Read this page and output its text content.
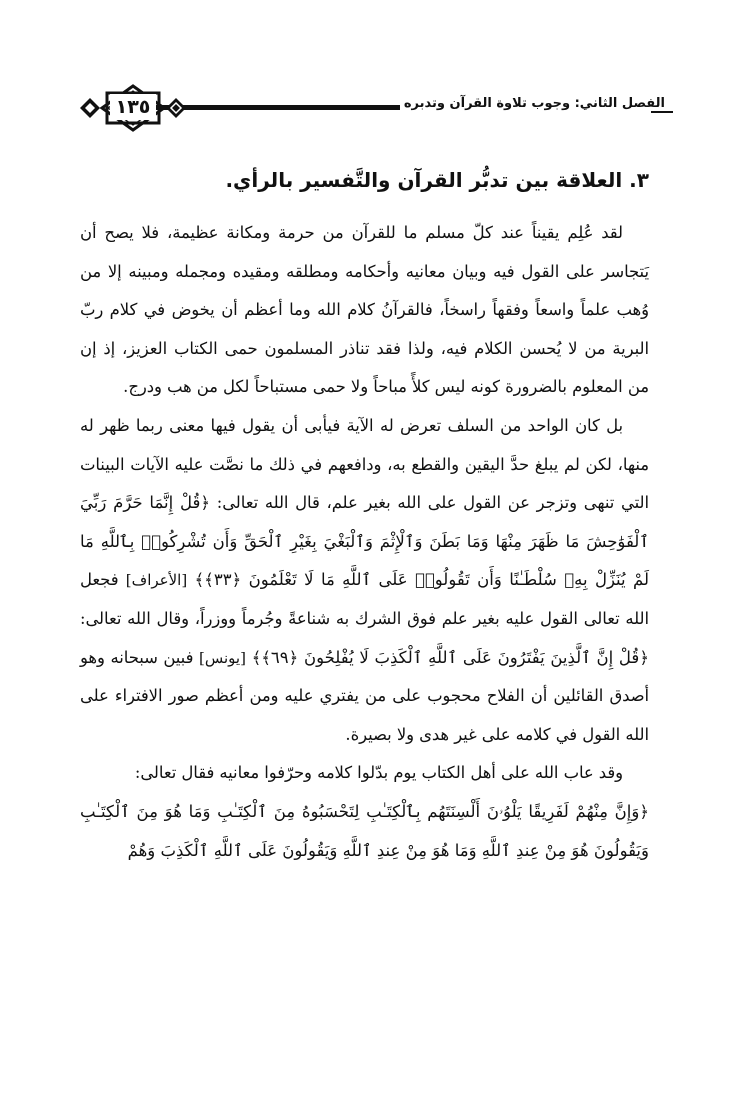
الفصل الثاني: وجوب تلاوة القرآن وتدبره
١٣٥
٣. العلاقة بين تدبُّر القرآن والتَّفسير بالرأي.

لقد عُلِم يقيناً عند كلّ مسلم ما للقرآن من حرمة ومكانة عظيمة، فلا يصح أن يَتجاسر على القول فيه وبيان معانيه وأحكامه ومطلقه ومقيده ومجمله ومبينه إلا من وُهب علماً واسعاً وفقهاً راسخاً، فالقرآنُ كلام الله وما أعظم أن يخوض في كلام ربّ البرية من لا يُحسن الكلام فيه، ولذا فقد تناذر المسلمون حمى الكتاب العزيز، إذ إن من المعلوم بالضرورة كونه ليس كلأً مباحاً ولا حمى مستباحاً لكل من هب ودرج.

بل كان الواحد من السلف تعرض له الآية فيأبى أن يقول فيها معنى ربما ظهر له منها، لكن لم يبلغ حدَّ اليقين والقطع به، ودافعهم في ذلك ما نصَّت عليه الآيات البينات التي تنهى وتزجر عن القول على الله بغير علم، قال الله تعالى: ﴿قُلْ إِنَّمَا حَرَّمَ رَبِّيَ ٱلْفَوَٰحِشَ مَا ظَهَرَ مِنْهَا وَمَا بَطَنَ وَٱلْإِثْمَ وَٱلْبَغْيَ بِغَيْرِ ٱلْحَقِّ وَأَن تُشْرِكُوا۟ بِٱللَّهِ مَا لَمْ يُنَزِّلْ بِهِۦ سُلْطَـٰنًا وَأَن تَقُولُوا۟ عَلَى ٱللَّهِ مَا لَا تَعْلَمُونَ ﴿٣٣﴾﴾ [الأعراف] فجعل الله تعالى القول عليه بغير علم فوق الشرك به شناعةً وجُرماً ووزراً، وقال الله تعالى: ﴿قُلْ إِنَّ ٱلَّذِينَ يَفْتَرُونَ عَلَى ٱللَّهِ ٱلْكَذِبَ لَا يُفْلِحُونَ ﴿٦٩﴾﴾ [يونس] فبين سبحانه وهو أصدق القائلين أن الفلاح محجوب على من يفتري عليه ومن أعظم صور الافتراء على الله القول في كلامه على غير هدى ولا بصيرة.

وقد عاب الله على أهل الكتاب يوم بدّلوا كلامه وحرّفوا معانيه فقال تعالى:

﴿وَإِنَّ مِنْهُمْ لَفَرِيقًا يَلْوُۥنَ أَلْسِنَتَهُم بِٱلْكِتَـٰبِ لِتَحْسَبُوهُ مِنَ ٱلْكِتَـٰبِ وَمَا هُوَ مِنَ ٱلْكِتَـٰبِ وَيَقُولُونَ هُوَ مِنْ عِندِ ٱللَّهِ وَمَا هُوَ مِنْ عِندِ ٱللَّهِ وَيَقُولُونَ عَلَى ٱللَّهِ ٱلْكَذِبَ وَهُمْ
